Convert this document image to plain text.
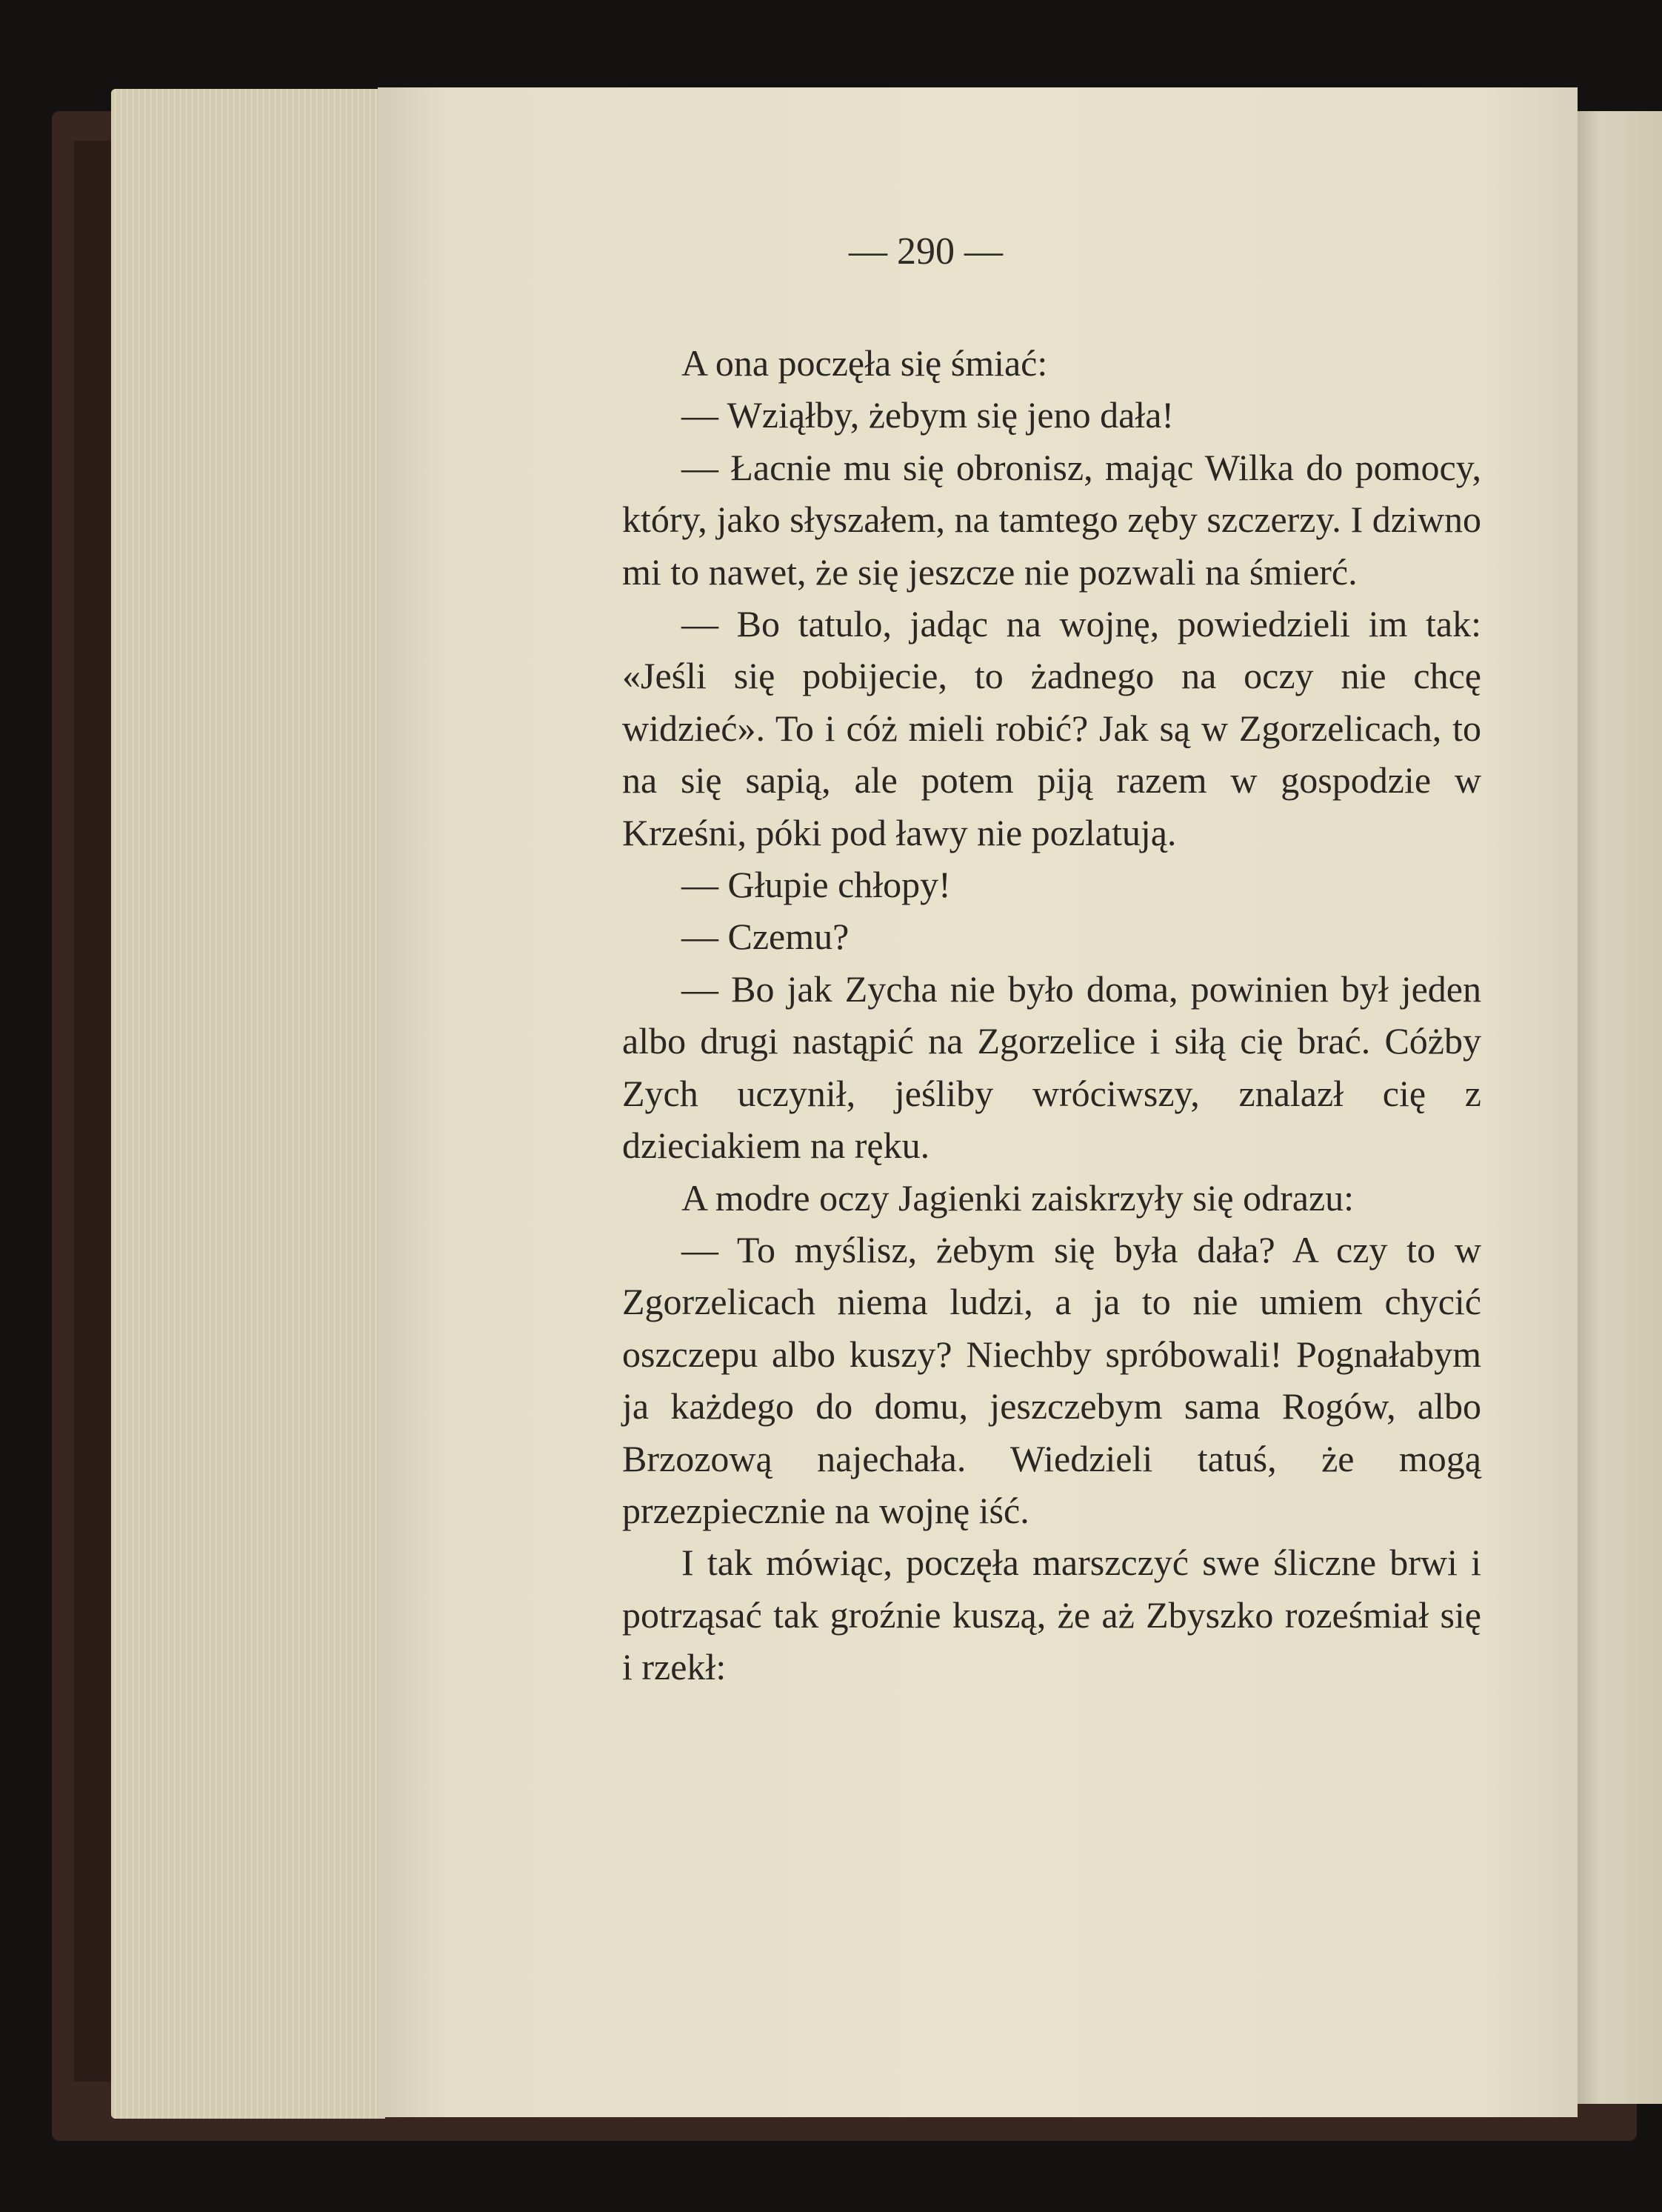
— 290 —

A ona poczęła się śmiać:

— Wziąłby, żebym się jeno dała!

— Łacnie mu się obronisz, mając Wilka do pomocy, który, jako słyszałem, na tamtego zęby szczerzy. I dziwno mi to nawet, że się jeszcze nie pozwali na śmierć.

— Bo tatulo, jadąc na wojnę, powiedzieli im tak: «Jeśli się pobijecie, to żadnego na oczy nie chcę widzieć». To i cóż mieli robić? Jak są w Zgorzelicach, to na się sapią, ale potem piją razem w gospodzie w Krześni, póki pod ławy nie pozlatują.

— Głupie chłopy!

— Czemu?

— Bo jak Zycha nie było doma, powinien był jeden albo drugi nastąpić na Zgorzelice i siłą cię brać. Cóżby Zych uczynił, jeśliby wróciwszy, znalazł cię z dzieciakiem na ręku.

A modre oczy Jagienki zaiskrzyły się odrazu:

— To myślisz, żebym się była dała? A czy to w Zgorzelicach niema ludzi, a ja to nie umiem chycić oszczepu albo kuszy? Niechby spróbowali! Pognałabym ja każdego do domu, jeszczebym sama Rogów, albo Brzozową najechała. Wiedzieli tatuś, że mogą przezpiecznie na wojnę iść.

I tak mówiąc, poczęła marszczyć swe śliczne brwi i potrząsać tak groźnie kuszą, że aż Zbyszko roześmiał się i rzekł:
